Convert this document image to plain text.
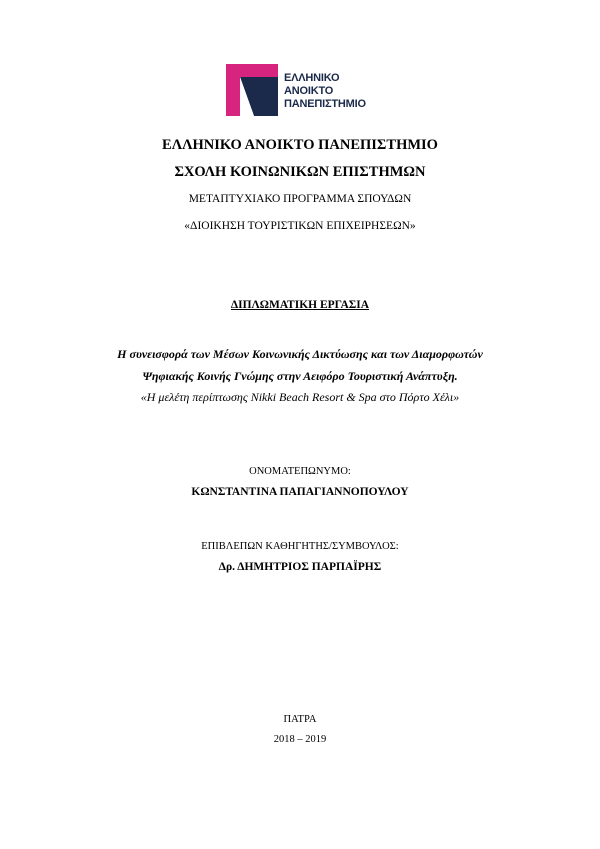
ΕΛΛΗΝΙΚΟ
ΑΝΟΙΚΤΟ
ΠΑΝΕΠΙΣΤΗΜΙΟ
ΕΛΛΗΝΙΚΟ ΑΝΟΙΚΤΟ ΠΑΝΕΠΙΣΤΗΜΙΟ
ΣΧΟΛΗ ΚΟΙΝΩΝΙΚΩΝ ΕΠΙΣΤΗΜΩΝ
ΜΕΤΑΠΤΥΧΙΑΚΟ ΠΡΟΓΡΑΜΜΑ ΣΠΟΥΔΩΝ
«ΔΙΟΙΚΗΣΗ ΤΟΥΡΙΣΤΙΚΩΝ ΕΠΙΧΕΙΡΗΣΕΩΝ»
ΔΙΠΛΩΜΑΤΙΚΗ ΕΡΓΑΣΙΑ
Η συνεισφορά των Μέσων Κοινωνικής Δικτύωσης και των Διαμορφωτών
Ψηφιακής Κοινής Γνώμης στην Αειφόρο Τουριστική Ανάπτυξη.
«Η μελέτη περίπτωσης Nikki Beach Resort & Spa στο Πόρτο Χέλι»
ΟΝΟΜΑΤΕΠΩΝΥΜΟ:
ΚΩΝΣΤΑΝΤΙΝΑ ΠΑΠΑΓΙΑΝΝΟΠΟΥΛΟΥ
ΕΠΙΒΛΕΠΩΝ ΚΑΘΗΓΗΤΗΣ/ΣΥΜΒΟΥΛΟΣ:
Δρ. ΔΗΜΗΤΡΙΟΣ ΠΑΡΠΑΪΡΗΣ
ΠΑΤΡΑ
2018 – 2019
